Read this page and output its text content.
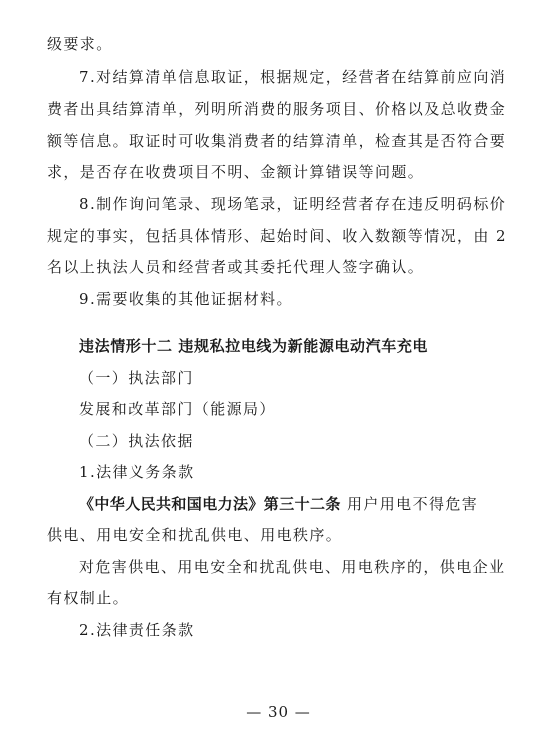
级要求。
7.对结算清单信息取证，根据规定，经营者在结算前应向消
费者出具结算清单，列明所消费的服务项目、价格以及总收费金
额等信息。取证时可收集消费者的结算清单，检查其是否符合要
求，是否存在收费项目不明、金额计算错误等问题。
8.制作询问笔录、现场笔录，证明经营者存在违反明码标价
规定的事实，包括具体情形、起始时间、收入数额等情况，由 2
名以上执法人员和经营者或其委托代理人签字确认。
9.需要收集的其他证据材料。
违法情形十二 违规私拉电线为新能源电动汽车充电
（一）执法部门
发展和改革部门（能源局）
（二）执法依据
1.法律义务条款
《中华人民共和国电力法》第三十二条 用户用电不得危害
供电、用电安全和扰乱供电、用电秩序。
对危害供电、用电安全和扰乱供电、用电秩序的，供电企业
有权制止。
2.法律责任条款
— 30 —
